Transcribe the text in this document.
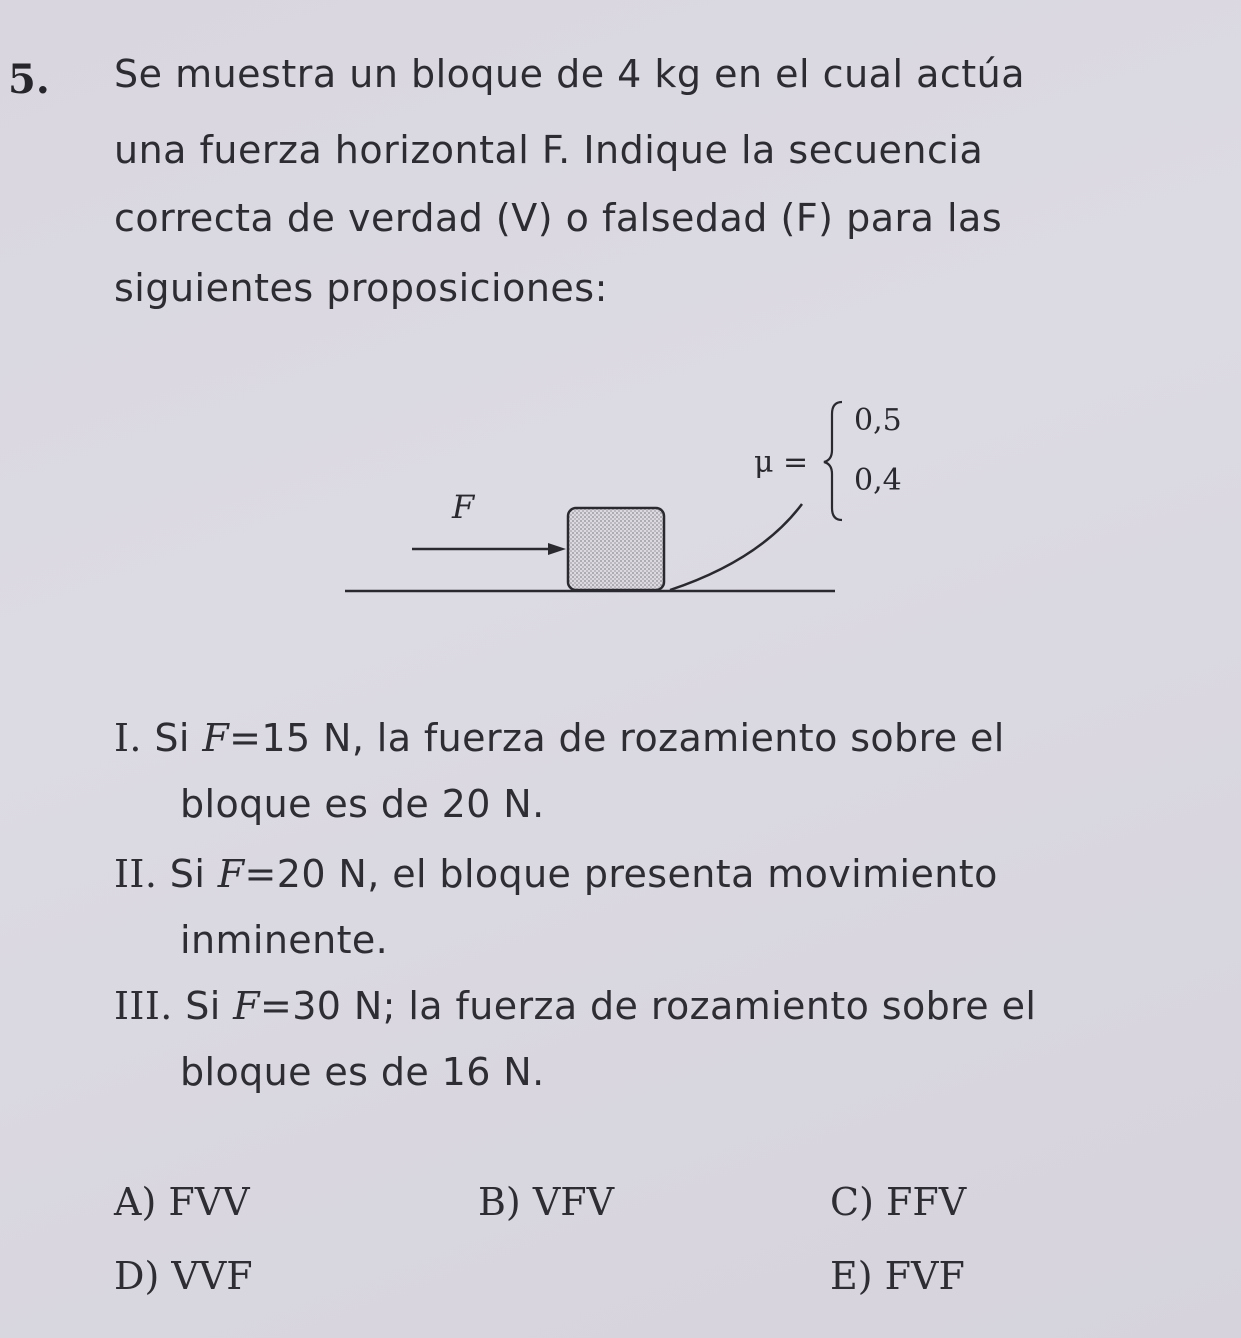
5. Se muestra un bloque de 4 kg en el cual actúa
una fuerza horizontal F. Indique la secuencia
correcta de verdad (V) o falsedad (F) para las
siguientes proposiciones:
F
μ =
0,5
0,4
I. Si F=15 N, la fuerza de rozamiento sobre el
bloque es de 20 N.
II. Si F=20 N, el bloque presenta movimiento
inminente.
III. Si F=30 N; la fuerza de rozamiento sobre el
bloque es de 16 N.
A) FVV	B) VFV	C) FFV
D) VVF	E) FVF
